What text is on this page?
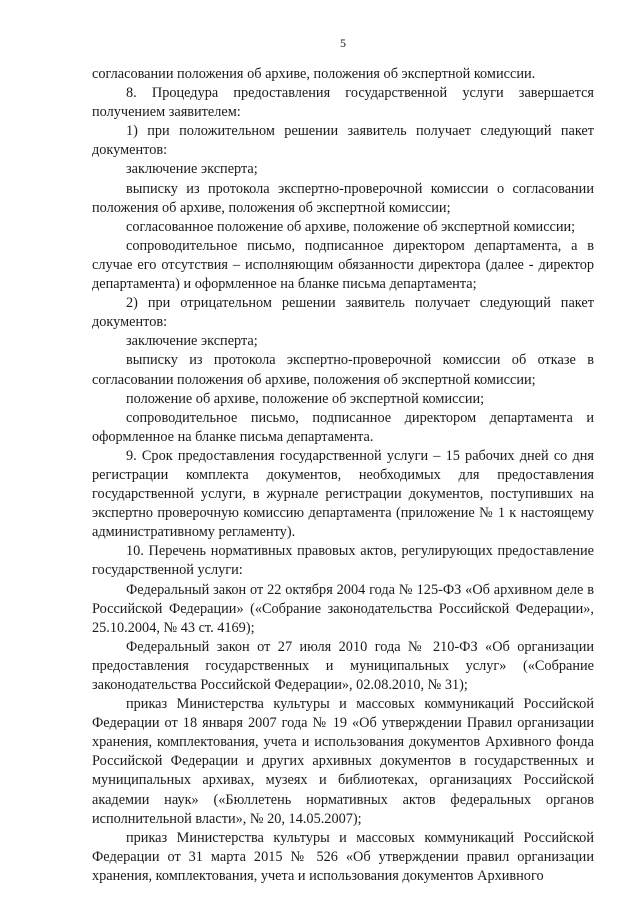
5

согласовании положения об архиве, положения об экспертной комиссии.

8. Процедура предоставления государственной услуги завершается получением заявителем:

1) при положительном решении заявитель получает следующий пакет документов:

заключение эксперта;

выписку из протокола экспертно-проверочной комиссии о согласовании положения об архиве, положения об экспертной комиссии;

согласованное положение об архиве, положение об экспертной комиссии;

сопроводительное письмо, подписанное директором департамента, а в случае его отсутствия – исполняющим обязанности директора (далее - директор департамента) и оформленное на бланке письма департамента;

2) при отрицательном решении заявитель получает следующий пакет документов:

заключение эксперта;

выписку из протокола экспертно-проверочной комиссии об отказе в согласовании положения об архиве, положения об экспертной комиссии;

положение об архиве, положение об экспертной комиссии;

сопроводительное письмо, подписанное директором департамента и оформленное на бланке письма департамента.

9. Срок предоставления государственной услуги – 15 рабочих дней со дня регистрации комплекта документов, необходимых для предоставления государственной услуги, в журнале регистрации документов, поступивших на экспертно проверочную комиссию департамента (приложение № 1 к настоящему административному регламенту).

10. Перечень нормативных правовых актов, регулирующих предоставление государственной услуги:

Федеральный закон от 22 октября 2004 года № 125-ФЗ «Об архивном деле в Российской Федерации» («Собрание законодательства Российской Федерации», 25.10.2004, № 43 ст. 4169);

Федеральный закон от 27 июля 2010 года № 210-ФЗ «Об организации предоставления государственных и муниципальных услуг» («Собрание законодательства Российской Федерации», 02.08.2010, № 31);

приказ Министерства культуры и массовых коммуникаций Российской Федерации от 18 января 2007 года № 19 «Об утверждении Правил организации хранения, комплектования, учета и использования документов Архивного фонда Российской Федерации и других архивных документов в государственных и муниципальных архивах, музеях и библиотеках, организациях Российской академии наук» («Бюллетень нормативных актов федеральных органов исполнительной власти», № 20, 14.05.2007);

приказ Министерства культуры и массовых коммуникаций Российской Федерации от 31 марта 2015 № 526 «Об утверждении правил организации хранения, комплектования, учета и использования документов Архивного
